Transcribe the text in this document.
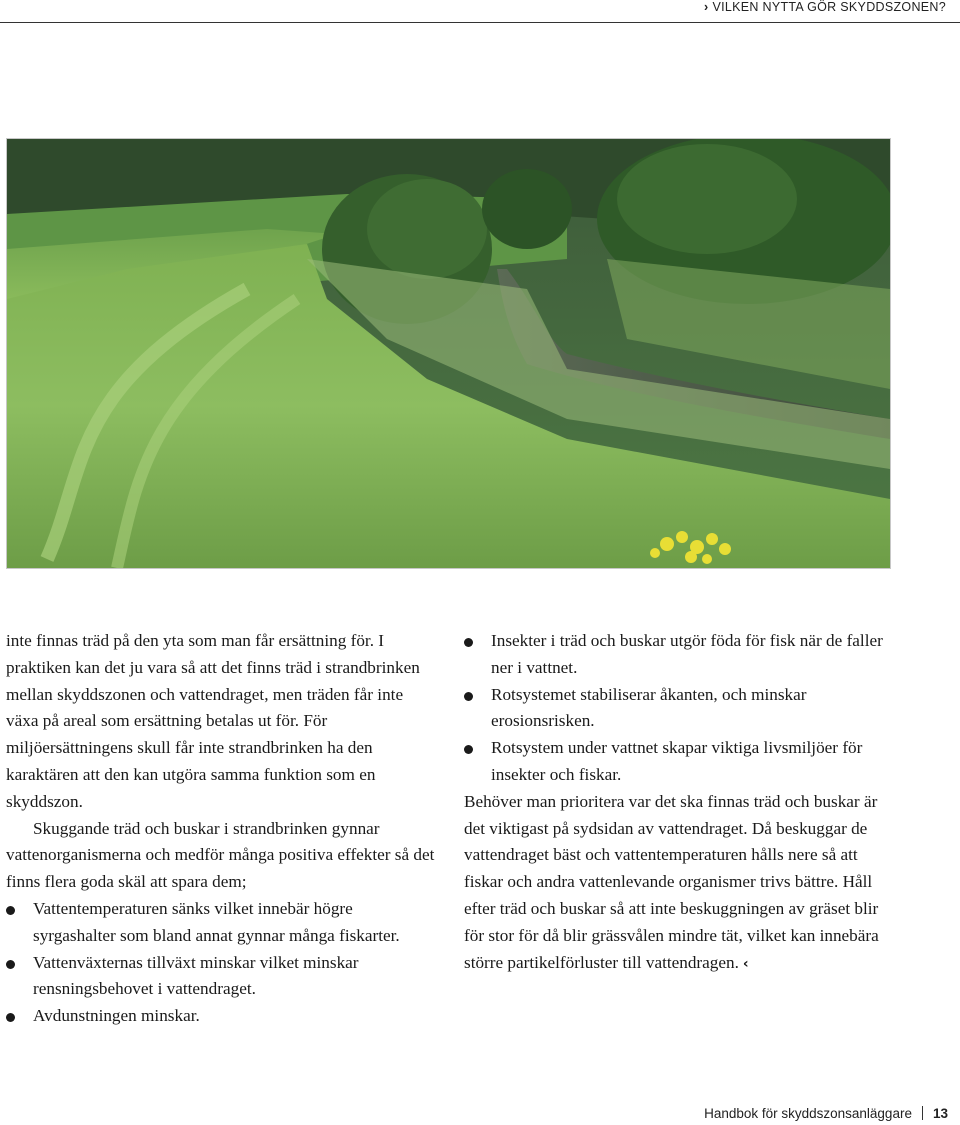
› VILKEN NYTTA GÖR SKYDDSZONEN?

inte finnas träd på den yta som man får ersättning för. I praktiken kan det ju vara så att det finns träd i strandbrinken mellan skyddszonen och vattendraget, men träden får inte växa på areal som ersättning betalas ut för. För miljöersättningens skull får inte strandbrinken ha den karaktären att den kan utgöra samma funktion som en skyddszon.

Skuggande träd och buskar i strandbrinken gynnar vattenorganismerna och medför många positiva effekter så det finns flera goda skäl att spara dem;

Vattentemperaturen sänks vilket innebär högre syrgashalter som bland annat gynnar många fiskarter.
Vattenväxternas tillväxt minskar vilket minskar rensningsbehovet i vattendraget.
Avdunstningen minskar.
Insekter i träd och buskar utgör föda för fisk när de faller ner i vattnet.
Rotsystemet stabiliserar åkanten, och minskar erosionsrisken.
Rotsystem under vattnet skapar viktiga livsmiljöer för insekter och fiskar.

Behöver man prioritera var det ska finnas träd och buskar är det viktigast på sydsidan av vattendraget. Då beskuggar de vattendraget bäst och vattentemperaturen hålls nere så att fiskar och andra vattenlevande organismer trivs bättre. Håll efter träd och buskar så att inte beskuggningen av gräset blir för stor för då blir grässvålen mindre tät, vilket kan innebära större partikelförluster till vattendragen. ‹

Handbok för skyddszonsanläggare 13
